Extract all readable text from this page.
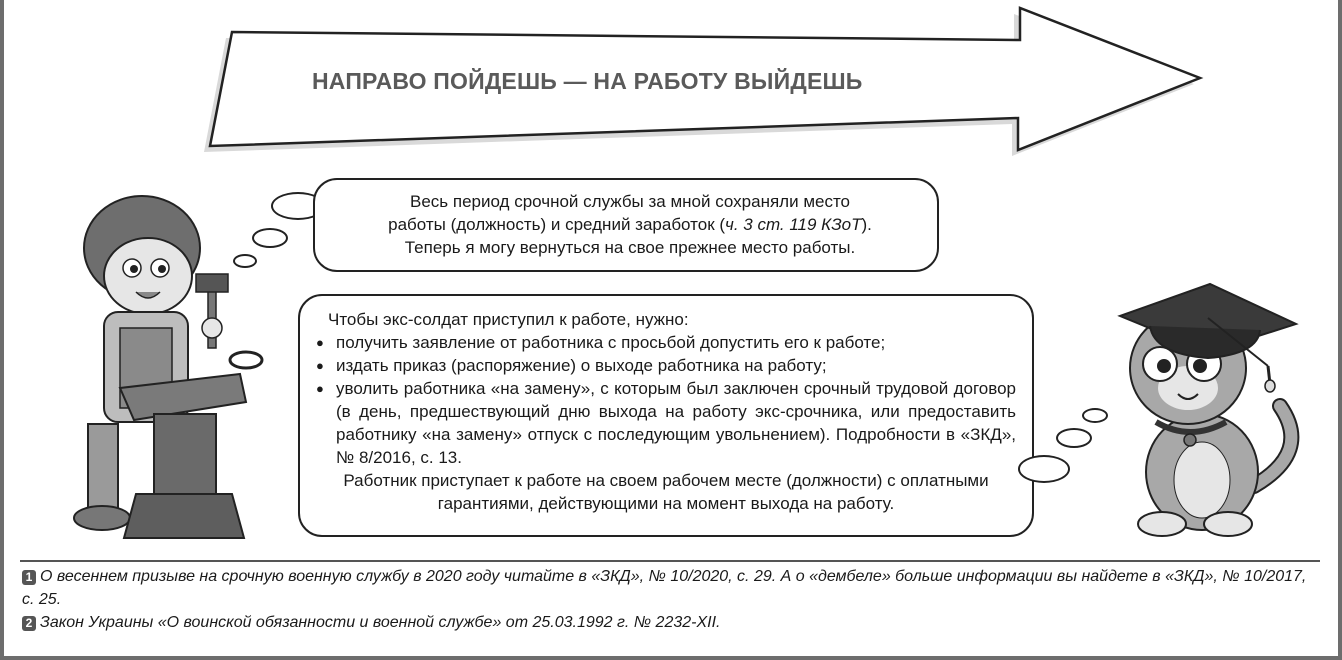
НАПРАВО ПОЙДЕШЬ — НА РАБОТУ ВЫЙДЕШЬ
Весь период срочной службы за мной сохраняли место
работы (должность) и средний заработок (ч. 3 ст. 119 КЗоТ).
Теперь я могу вернуться на свое прежнее место работы.

Чтобы экс-солдат приступил к работе, нужно:

● получить заявление от работника с просьбой допустить его к работе;

● издать приказ (распоряжение) о выходе работника на работу;

● уволить работника «на замену», с которым был заключен срочный трудовой договор (в день, предшествующий дню выхода на работу экс-срочника, или предоставить работнику «на замену» отпуск с последующим увольнением). Подробности в «ЗКД», № 8/2016, с. 13.

Работник приступает к работе на своем рабочем месте (должности) с оплатными гарантиями, действующими на момент выхода на работу.

1 О весеннем призыве на срочную военную службу в 2020 году читайте в «ЗКД», № 10/2020, с. 29. А о «дембеле» больше информации вы найдете в «ЗКД», № 10/2017, с. 25.

2 Закон Украины «О воинской обязанности и военной службе» от 25.03.1992 г. № 2232-XII.
